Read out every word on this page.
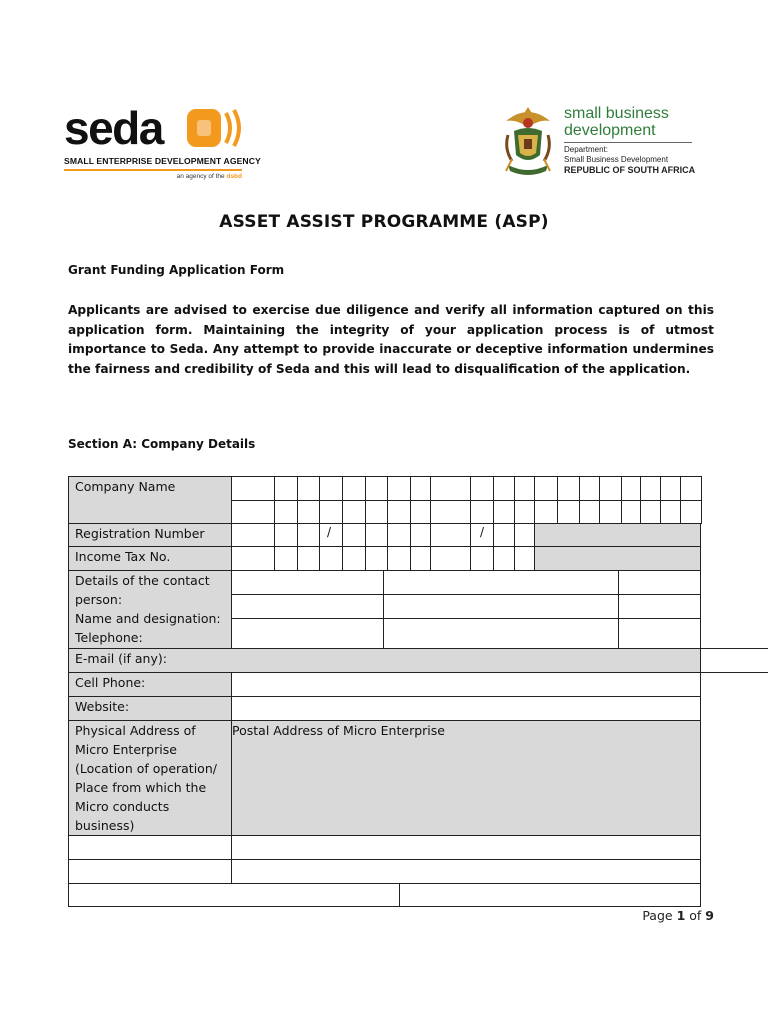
seda
SMALL ENTERPRISE DEVELOPMENT AGENCY
an agency of the dsbd
small business
development
Department:
Small Business Development
REPUBLIC OF SOUTH AFRICA
ASSET ASSIST PROGRAMME (ASP)
Grant Funding Application Form
Applicants are advised to exercise due diligence and verify all information captured on this application form. Maintaining the integrity of your application process is of utmost importance to Seda. Any attempt to provide inaccurate or deceptive information undermines the fairness and credibility of Seda and this will lead to disqualification of the application.
Section A: Company Details
Company Name
Registration Number	/	/
Income Tax No.
Details of the contact person:
Name and designation:
Telephone:
E-mail (if any):
Cell Phone:
Website:
Physical Address of Micro Enterprise (Location of operation/ Place from which the Micro conducts business)
Postal Address of Micro Enterprise
Page 1 of 9
